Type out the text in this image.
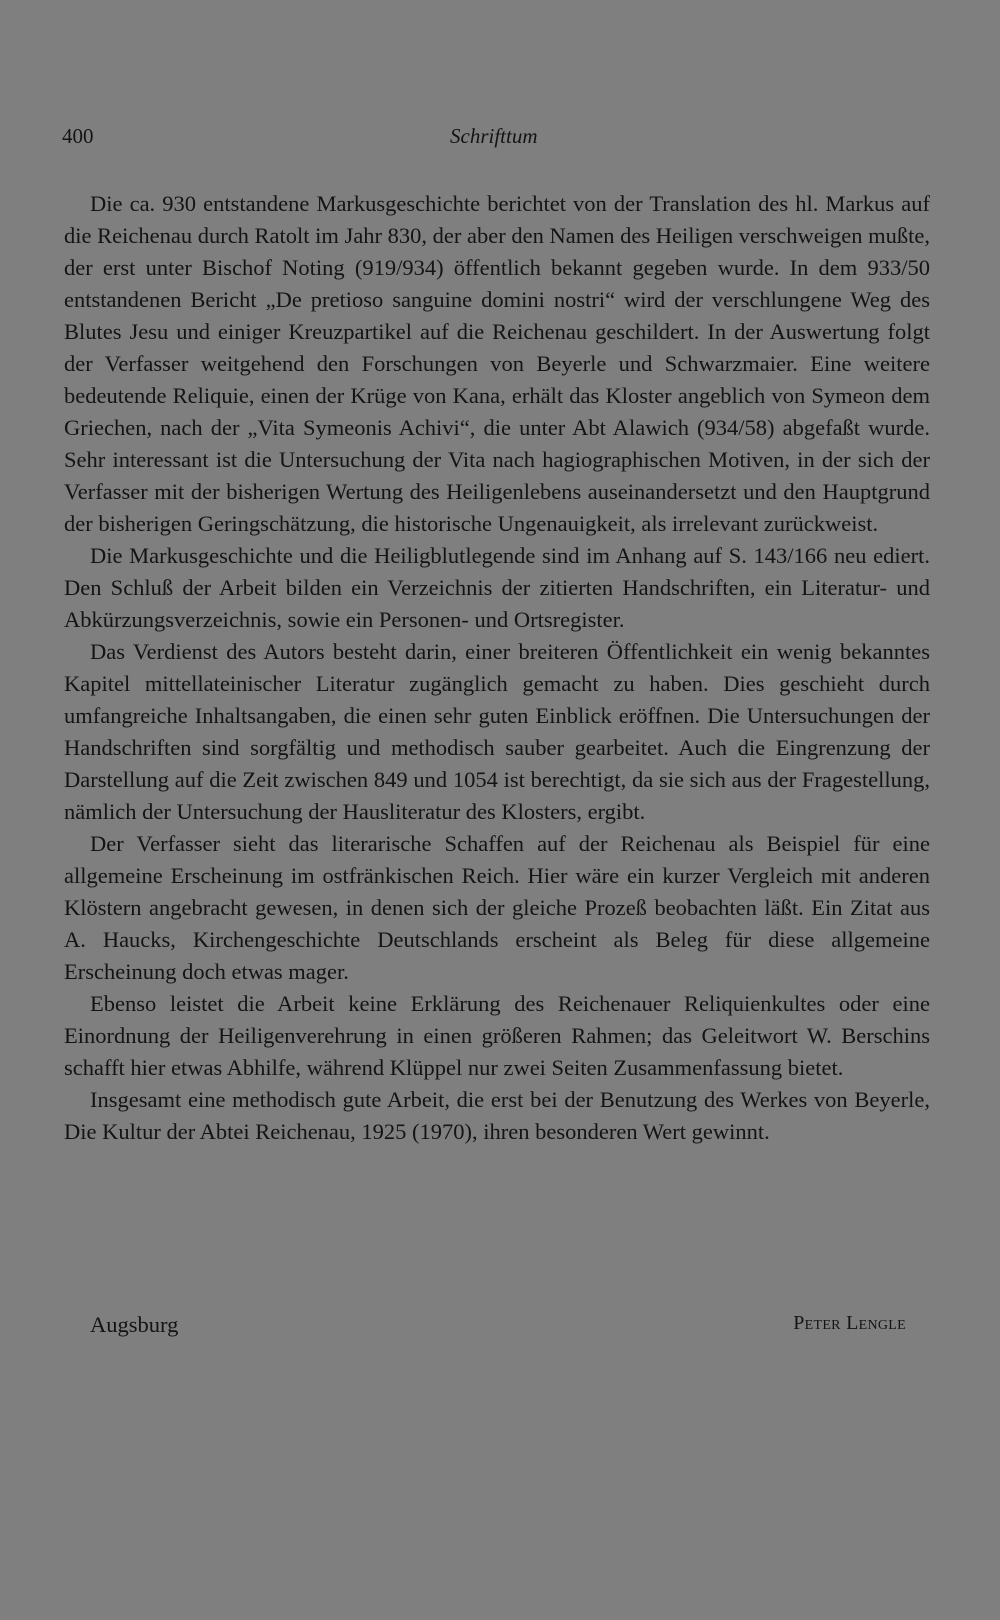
400	Schrifttum

Die ca. 930 entstandene Markusgeschichte berichtet von der Translation des hl. Markus auf die Reichenau durch Ratolt im Jahr 830, der aber den Namen des Heiligen verschweigen mußte, der erst unter Bischof Noting (919/934) öffentlich bekannt gegeben wurde. In dem 933/50 entstandenen Bericht „De pretioso sanguine domini nostri“ wird der verschlungene Weg des Blutes Jesu und einiger Kreuzpartikel auf die Reichenau geschildert. In der Auswertung folgt der Verfasser weitgehend den Forschungen von Beyerle und Schwarzmaier. Eine weitere bedeutende Reliquie, einen der Krüge von Kana, erhält das Kloster angeblich von Symeon dem Griechen, nach der „Vita Symeonis Achivi“, die unter Abt Alawich (934/58) abgefaßt wurde. Sehr interessant ist die Untersuchung der Vita nach hagiographischen Motiven, in der sich der Verfasser mit der bisherigen Wertung des Heiligenlebens auseinandersetzt und den Hauptgrund der bisherigen Geringschätzung, die historische Ungenauigkeit, als irrelevant zurückweist.

Die Markusgeschichte und die Heiligblutlegende sind im Anhang auf S. 143/166 neu ediert. Den Schluß der Arbeit bilden ein Verzeichnis der zitierten Handschriften, ein Literatur- und Abkürzungsverzeichnis, sowie ein Personen- und Ortsregister.

Das Verdienst des Autors besteht darin, einer breiteren Öffentlichkeit ein wenig bekanntes Kapitel mittellateinischer Literatur zugänglich gemacht zu haben. Dies geschieht durch umfangreiche Inhaltsangaben, die einen sehr guten Einblick eröffnen. Die Untersuchungen der Handschriften sind sorgfältig und methodisch sauber gearbeitet. Auch die Eingrenzung der Darstellung auf die Zeit zwischen 849 und 1054 ist berechtigt, da sie sich aus der Fragestellung, nämlich der Untersuchung der Hausliteratur des Klosters, ergibt.

Der Verfasser sieht das literarische Schaffen auf der Reichenau als Beispiel für eine allgemeine Erscheinung im ostfränkischen Reich. Hier wäre ein kurzer Vergleich mit anderen Klöstern angebracht gewesen, in denen sich der gleiche Prozeß beobachten läßt. Ein Zitat aus A. Haucks, Kirchengeschichte Deutschlands erscheint als Beleg für diese allgemeine Erscheinung doch etwas mager.

Ebenso leistet die Arbeit keine Erklärung des Reichenauer Reliquienkultes oder eine Einordnung der Heiligenverehrung in einen größeren Rahmen; das Geleitwort W. Berschins schafft hier etwas Abhilfe, während Klüppel nur zwei Seiten Zusammenfassung bietet.

Insgesamt eine methodisch gute Arbeit, die erst bei der Benutzung des Werkes von Beyerle, Die Kultur der Abtei Reichenau, 1925 (1970), ihren besonderen Wert gewinnt.

Augsburg	Peter Lengle
